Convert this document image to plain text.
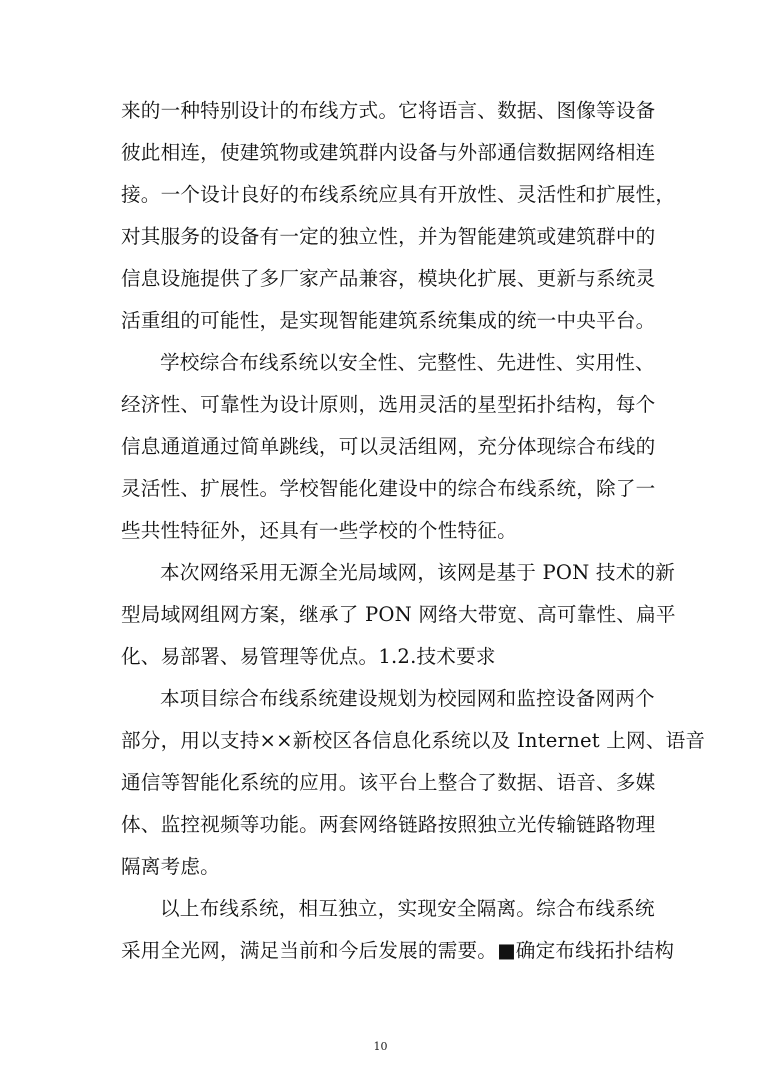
来的一种特别设计的布线方式。它将语言、数据、图像等设备
彼此相连，使建筑物或建筑群内设备与外部通信数据网络相连
接。一个设计良好的布线系统应具有开放性、灵活性和扩展性，
对其服务的设备有一定的独立性，并为智能建筑或建筑群中的
信息设施提供了多厂家产品兼容，模块化扩展、更新与系统灵
活重组的可能性，是实现智能建筑系统集成的统一中央平台。
学校综合布线系统以安全性、完整性、先进性、实用性、
经济性、可靠性为设计原则，选用灵活的星型拓扑结构，每个
信息通道通过简单跳线，可以灵活组网，充分体现综合布线的
灵活性、扩展性。学校智能化建设中的综合布线系统，除了一
些共性特征外，还具有一些学校的个性特征。
本次网络采用无源全光局域网，该网是基于 PON 技术的新
型局域网组网方案，继承了 PON 网络大带宽、高可靠性、扁平
化、易部署、易管理等优点。1.2.技术要求
本项目综合布线系统建设规划为校园网和监控设备网两个
部分，用以支持××新校区各信息化系统以及 Internet 上网、语音
通信等智能化系统的应用。该平台上整合了数据、语音、多媒
体、监控视频等功能。两套网络链路按照独立光传输链路物理
隔离考虑。
以上布线系统，相互独立，实现安全隔离。综合布线系统
采用全光网，满足当前和今后发展的需要。■确定布线拓扑结构
10
